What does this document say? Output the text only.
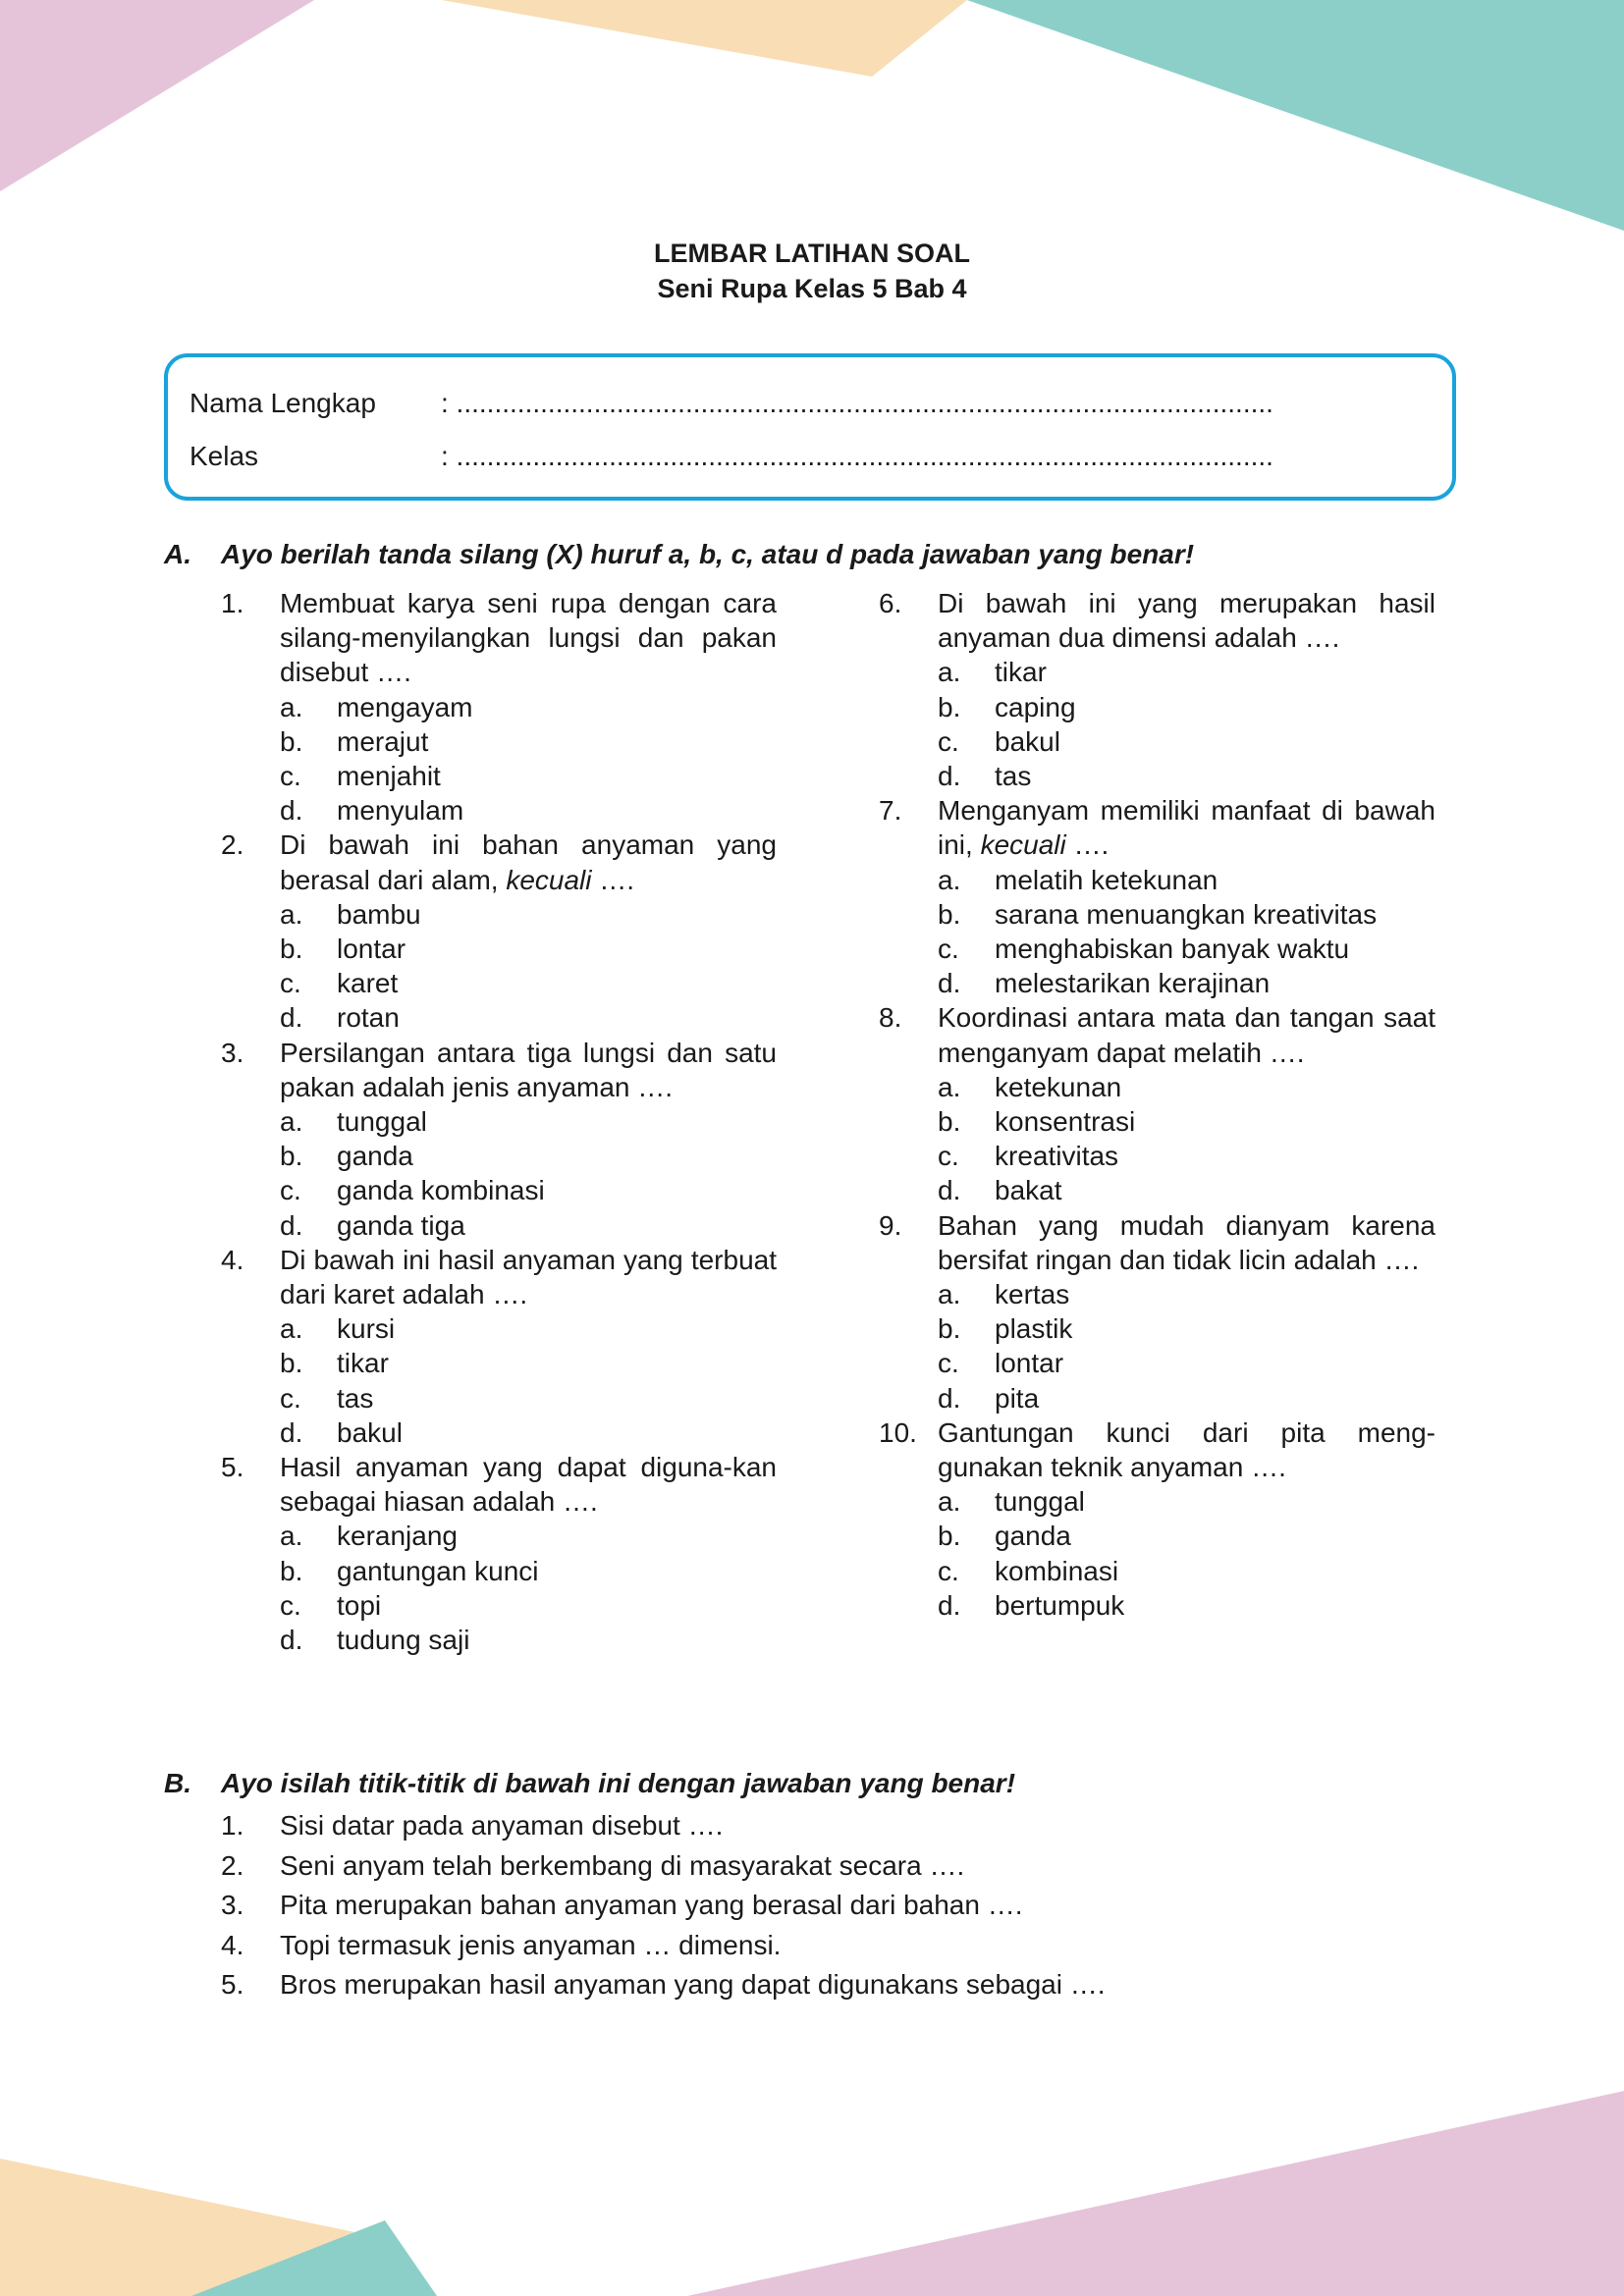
LEMBAR LATIHAN SOAL
Seni Rupa Kelas 5 Bab 4
Nama Lengkap : ...........................................................................................................
Kelas	: ...........................................................................................................
A. Ayo berilah tanda silang (X) huruf a, b, c, atau d pada jawaban yang benar!
1. Membuat karya seni rupa dengan cara silang-menyilangkan lungsi dan pakan disebut ….
a. mengayam
b. merajut
c. menjahit
d. menyulam
2. Di bawah ini bahan anyaman yang berasal dari alam, kecuali ….
a. bambu
b. lontar
c. karet
d. rotan
3. Persilangan antara tiga lungsi dan satu pakan adalah jenis anyaman ….
a. tunggal
b. ganda
c. ganda kombinasi
d. ganda tiga
4. Di bawah ini hasil anyaman yang terbuat dari karet adalah ….
a. kursi
b. tikar
c. tas
d. bakul
5. Hasil anyaman yang dapat diguna-kan sebagai hiasan adalah ….
a. keranjang
b. gantungan kunci
c. topi
d. tudung saji
6. Di bawah ini yang merupakan hasil anyaman dua dimensi adalah ….
a. tikar
b. caping
c. bakul
d. tas
7. Menganyam memiliki manfaat di bawah ini, kecuali ….
a. melatih ketekunan
b. sarana menuangkan kreativitas
c. menghabiskan banyak waktu
d. melestarikan kerajinan
8. Koordinasi antara mata dan tangan saat menganyam dapat melatih ….
a. ketekunan
b. konsentrasi
c. kreativitas
d. bakat
9. Bahan yang mudah dianyam karena bersifat ringan dan tidak licin adalah ….
a. kertas
b. plastik
c. lontar
d. pita
10. Gantungan kunci dari pita meng-gunakan teknik anyaman ….
a. tunggal
b. ganda
c. kombinasi
d. bertumpuk
B. Ayo isilah titik-titik di bawah ini dengan jawaban yang benar!
1. Sisi datar pada anyaman disebut ….
2. Seni anyam telah berkembang di masyarakat secara ….
3. Pita merupakan bahan anyaman yang berasal dari bahan ….
4. Topi termasuk jenis anyaman … dimensi.
5. Bros merupakan hasil anyaman yang dapat digunakans sebagai ….
